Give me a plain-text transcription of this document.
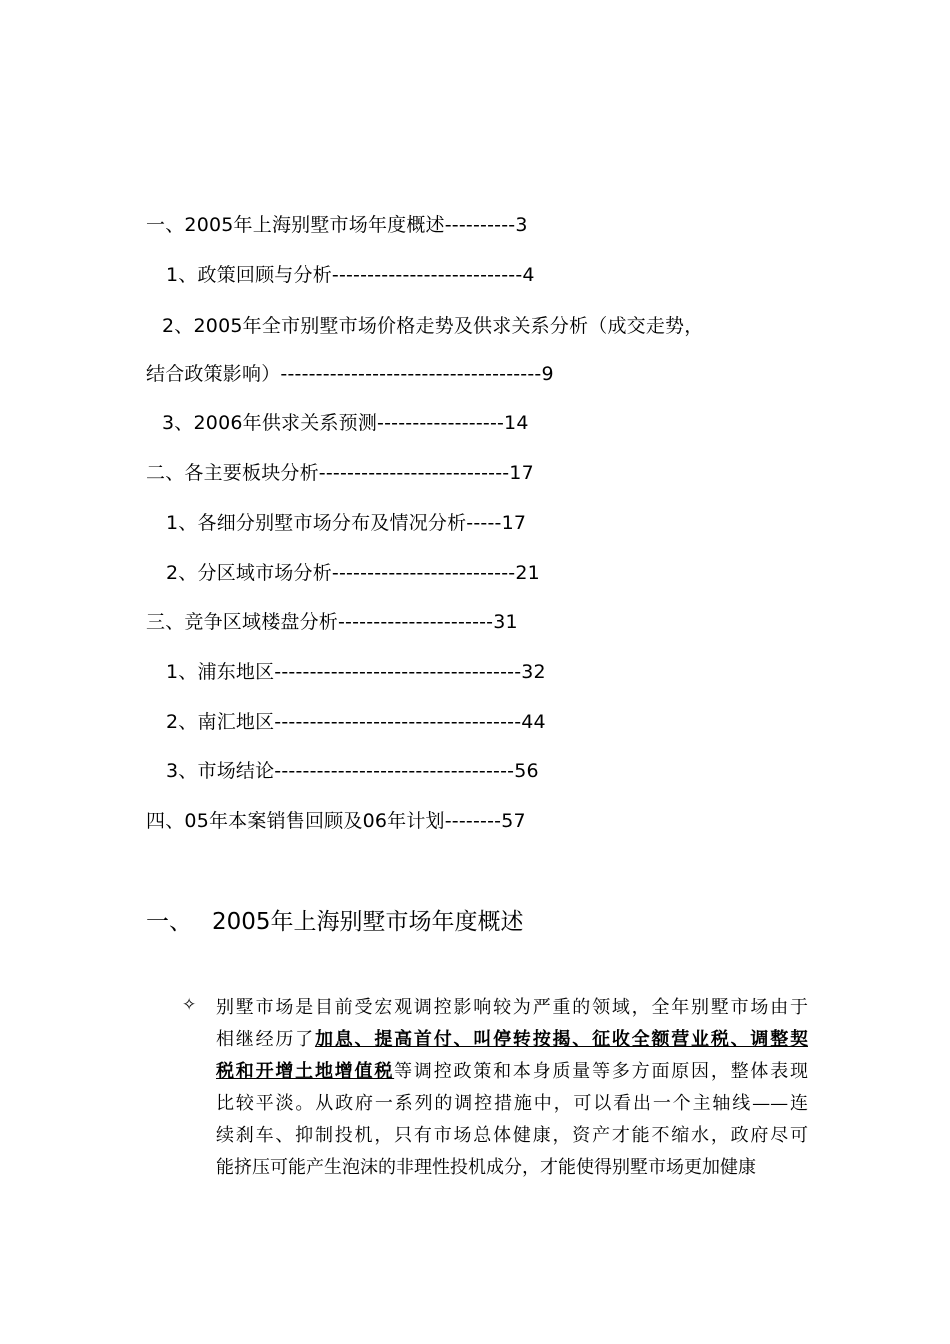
一、2005年上海别墅市场年度概述----------3
1、政策回顾与分析---------------------------4
2、2005年全市别墅市场价格走势及供求关系分析（成交走势，
结合政策影响）-------------------------------------9
3、2006年供求关系预测------------------14
二、各主要板块分析---------------------------17
1、各细分别墅市场分布及情况分析-----17
2、分区域市场分析--------------------------21
三、竞争区域楼盘分析----------------------31
1、浦东地区-----------------------------------32
2、南汇地区-----------------------------------44
3、市场结论----------------------------------56
四、05年本案销售回顾及06年计划--------57
一、 2005年上海别墅市场年度概述
✧ 别墅市场是目前受宏观调控影响较为严重的领域，全年别墅市场由于
相继经历了加息、提高首付、叫停转按揭、征收全额营业税、调整契
税和开增土地增值税等调控政策和本身质量等多方面原因，整体表现
比较平淡。从政府一系列的调控措施中，可以看出一个主轴线——连
续刹车、抑制投机，只有市场总体健康，资产才能不缩水，政府尽可
能挤压可能产生泡沫的非理性投机成分，才能使得别墅市场更加健康
